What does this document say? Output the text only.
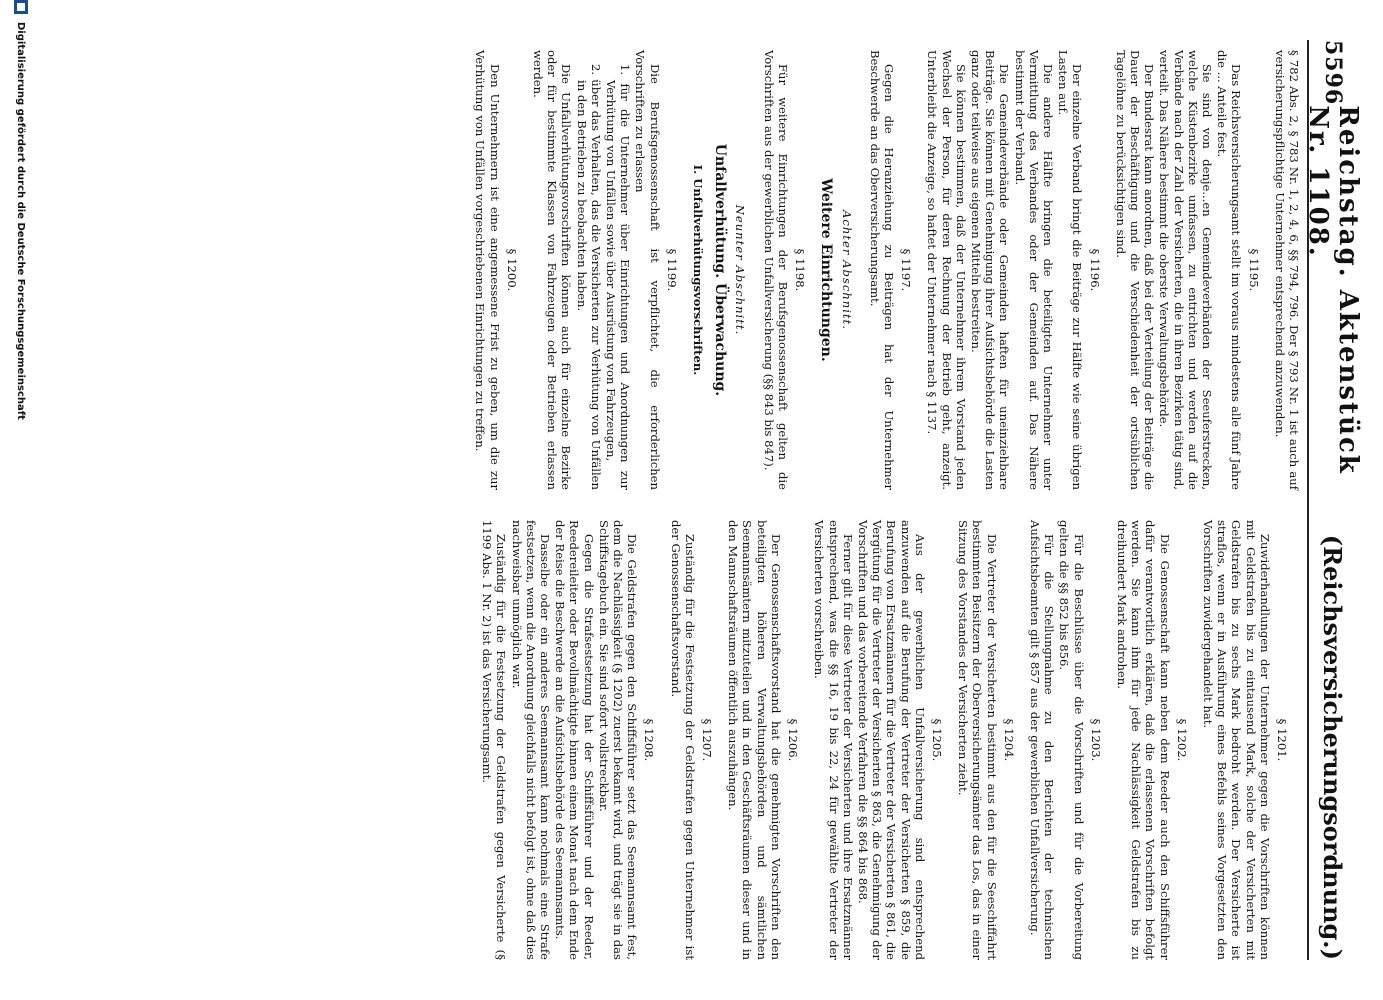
5596
Reichstag. Aktenstück Nr. 1108.
(Reichsversicherungsordnung.)

§ 782 Abs. 2, § 783 Nr. 1, 2, 4, 6, §§ 794, 796. Der § 793 Nr. 1 ist auch auf versicherungspflichtige Unternehmer entsprechend anzuwenden.

§ 1195.

Das Reichsversicherungsamt stellt im voraus mindestens alle fünf Jahre die ... Anteile fest.

Sie sind von denje...en Gemeindeverbänden der Seeuferstrecken, welche Küstenbezirke umfassen, zu entrichten und werden auf die Verbände nach der Zahl der Versicherten, die in ihren Bezirken tätig sind, verteilt. Das Nähere bestimmt die oberste Verwaltungsbehörde.

Der Bundesrat kann anordnen, daß bei der Verteilung der Beiträge die Dauer der Beschäftigung und die Verschiedenheit der ortsüblichen Tagelöhne zu berücksichtigen sind.

§ 1196.

Der einzelne Verband bringt die Beiträge zur Hälfte wie seine übrigen Lasten auf.

Die andere Hälfte bringen die beteiligten Unternehmer unter Vermittlung des Verbandes oder der Gemeinden auf. Das Nähere bestimmt der Verband.

Die Gemeindeverbände oder Gemeinden haften für uneinziehbare Beiträge. Sie können mit Genehmigung ihrer Aufsichtsbehörde die Lasten ganz oder teilweise aus eigenen Mitteln bestreiten.

Sie können bestimmen, daß der Unternehmer ihrem Vorstand jeden Wechsel der Person, für deren Rechnung der Betrieb geht, anzeigt. Unterbleibt die Anzeige, so haftet der Unternehmer nach § 1137.

§ 1197.

Gegen die Heranziehung zu Beiträgen hat der Unternehmer Beschwerde an das Oberversicherungsamt.

Achter Abschnitt.
Weitere Einrichtungen.
§ 1198.

Für weitere Einrichtungen der Berufsgenossenschaft gelten die Vorschriften aus der gewerblichen Unfallversicherung (§§ 843 bis 847).

Neunter Abschnitt.
Unfallverhütung. Überwachung.
I. Unfallverhütungsvorschriften.
§ 1199.

Die Berufsgenossenschaft ist verpflichtet, die erforderlichen Vorschriften zu erlassen

1. für die Unternehmer über Einrichtungen und Anordnungen zur Verhütung von Unfällen sowie über Ausrüstung von Fahrzeugen,

2. über das Verhalten, das die Versicherten zur Verhütung von Unfällen in den Betrieben zu beobachten haben.

Die Unfallverhütungsvorschriften können auch für einzelne Bezirke oder für bestimmte Klassen von Fahrzeugen oder Betrieben erlassen werden.

§ 1200.

Den Unternehmern ist eine angemessene Frist zu geben, um die zur Verhütung von Unfällen vorgeschriebenen Einrichtungen zu treffen.

§ 1201.

Zuwiderhandlungen der Unternehmer gegen die Vorschriften können mit Geldstrafen bis zu eintausend Mark, solche der Versicherten mit Geldstrafen bis zu sechs Mark bedroht werden. Der Versicherte ist straflos, wenn er in Ausführung eines Befehls seines Vorgesetzten den Vorschriften zuwidergehandelt hat.

§ 1202.

Die Genossenschaft kann neben dem Reeder auch den Schiffsführer dafür verantwortlich erklären, daß die erlassenen Vorschriften befolgt werden. Sie kann ihm für jede Nachlässigkeit Geldstrafen bis zu dreihundert Mark androhen.

§ 1203.

Für die Beschlüsse über die Vorschriften und für die Vorbereitung gelten die §§ 852 bis 856.

Für die Stellungnahme zu den Berichten der technischen Aufsichtsbeamten gilt § 857 aus der gewerblichen Unfallversicherung.

§ 1204.

Die Vertreter der Versicherten bestimmt aus den für die Seeschiffahrt bestimmten Beisitzern der Oberversicherungsämter das Los, das in einer Sitzung des Vorstandes der Versicherten zieht.

§ 1205.

Aus der gewerblichen Unfallversicherung sind entsprechend anzuwenden auf die Berufung der Vertreter der Versicherten § 859, die Berufung von Ersatzmännern für die Vertreter der Versicherten § 861, die Vergütung für die Vertreter der Versicherten § 863, die Genehmigung der Vorschriften und das vorbereitende Verfahren die §§ 864 bis 868.

Ferner gilt für diese Vertreter der Versicherten und ihre Ersatzmänner entsprechend, was die §§ 16, 19 bis 22, 24 für gewählte Vertreter der Versicherten vorschreiben.

§ 1206.

Der Genossenschaftsvorstand hat die genehmigten Vorschriften den beteiligten höheren Verwaltungsbehörden und sämtlichen Seemannsämtern mitzuteilen und in den Geschäftsräumen dieser und in den Mannschaftsräumen öffentlich auszuhängen.

§ 1207.

Zuständig für die Festsetzung der Geldstrafen gegen Unternehmer ist der Genossenschaftsvorstand.

§ 1208.

Die Geldstrafen gegen den Schiffsführer setzt das Seemannsamt fest, dem die Nachlässigkeit (§ 1202) zuerst bekannt wird, und trägt sie in das Schiffstagebuch ein. Sie sind sofort vollstreckbar.

Gegen die Strafsestsetzung hat der Schiffsführer und der Reeder, Reedereileiter oder Bevollmächtigte binnen einem Monat nach dem Ende der Reise die Beschwerde an die Aufsichtsbehörde des Seemannsamts.

Dasselbe oder ein anderes Seemannsamt kann nochmals eine Strafe festsetzen, wenn die Anordnung gleichfalls nicht befolgt ist, ohne daß dies nachweisbar unmöglich war.

Zuständig für die Festsetzung der Geldstrafen gegen Versicherte (§ 1199 Abs. 1 Nr. 2) ist das Versicherungsamt.

Digitalisierung gefördert durch die Deutsche Forschungsgemeinschaft
